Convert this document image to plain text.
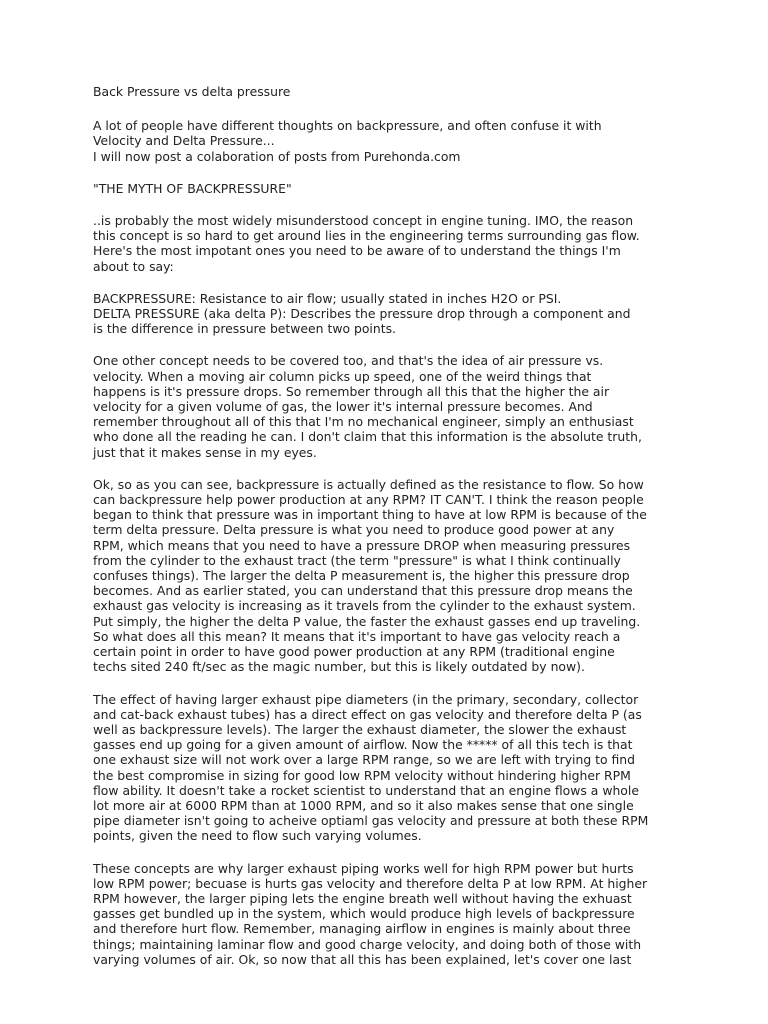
Back Pressure vs delta pressure
A lot of people have different thoughts on backpressure, and often confuse it with
Velocity and Delta Pressure...
I will now post a colaboration of posts from Purehonda.com
"THE MYTH OF BACKPRESSURE"
..is probably the most widely misunderstood concept in engine tuning. IMO, the reason
this concept is so hard to get around lies in the engineering terms surrounding gas flow.
Here's the most impotant ones you need to be aware of to understand the things I'm
about to say:
BACKPRESSURE: Resistance to air flow; usually stated in inches H2O or PSI.
DELTA PRESSURE (aka delta P): Describes the pressure drop through a component and
is the difference in pressure between two points.
One other concept needs to be covered too, and that's the idea of air pressure vs.
velocity. When a moving air column picks up speed, one of the weird things that
happens is it's pressure drops. So remember through all this that the higher the air
velocity for a given volume of gas, the lower it's internal pressure becomes. And
remember throughout all of this that I'm no mechanical engineer, simply an enthusiast
who done all the reading he can. I don't claim that this information is the absolute truth,
just that it makes sense in my eyes.
Ok, so as you can see, backpressure is actually defined as the resistance to flow. So how
can backpressure help power production at any RPM? IT CAN'T. I think the reason people
began to think that pressure was in important thing to have at low RPM is because of the
term delta pressure. Delta pressure is what you need to produce good power at any
RPM, which means that you need to have a pressure DROP when measuring pressures
from the cylinder to the exhaust tract (the term "pressure" is what I think continually
confuses things). The larger the delta P measurement is, the higher this pressure drop
becomes. And as earlier stated, you can understand that this pressure drop means the
exhaust gas velocity is increasing as it travels from the cylinder to the exhaust system.
Put simply, the higher the delta P value, the faster the exhaust gasses end up traveling.
So what does all this mean? It means that it's important to have gas velocity reach a
certain point in order to have good power production at any RPM (traditional engine
techs sited 240 ft/sec as the magic number, but this is likely outdated by now).
The effect of having larger exhaust pipe diameters (in the primary, secondary, collector
and cat-back exhaust tubes) has a direct effect on gas velocity and therefore delta P (as
well as backpressure levels). The larger the exhaust diameter, the slower the exhaust
gasses end up going for a given amount of airflow. Now the ***** of all this tech is that
one exhaust size will not work over a large RPM range, so we are left with trying to find
the best compromise in sizing for good low RPM velocity without hindering higher RPM
flow ability. It doesn't take a rocket scientist to understand that an engine flows a whole
lot more air at 6000 RPM than at 1000 RPM, and so it also makes sense that one single
pipe diameter isn't going to acheive optiaml gas velocity and pressure at both these RPM
points, given the need to flow such varying volumes.
These concepts are why larger exhaust piping works well for high RPM power but hurts
low RPM power; becuase is hurts gas velocity and therefore delta P at low RPM. At higher
RPM however, the larger piping lets the engine breath well without having the exhuast
gasses get bundled up in the system, which would produce high levels of backpressure
and therefore hurt flow. Remember, managing airflow in engines is mainly about three
things; maintaining laminar flow and good charge velocity, and doing both of those with
varying volumes of air. Ok, so now that all this has been explained, let's cover one last
